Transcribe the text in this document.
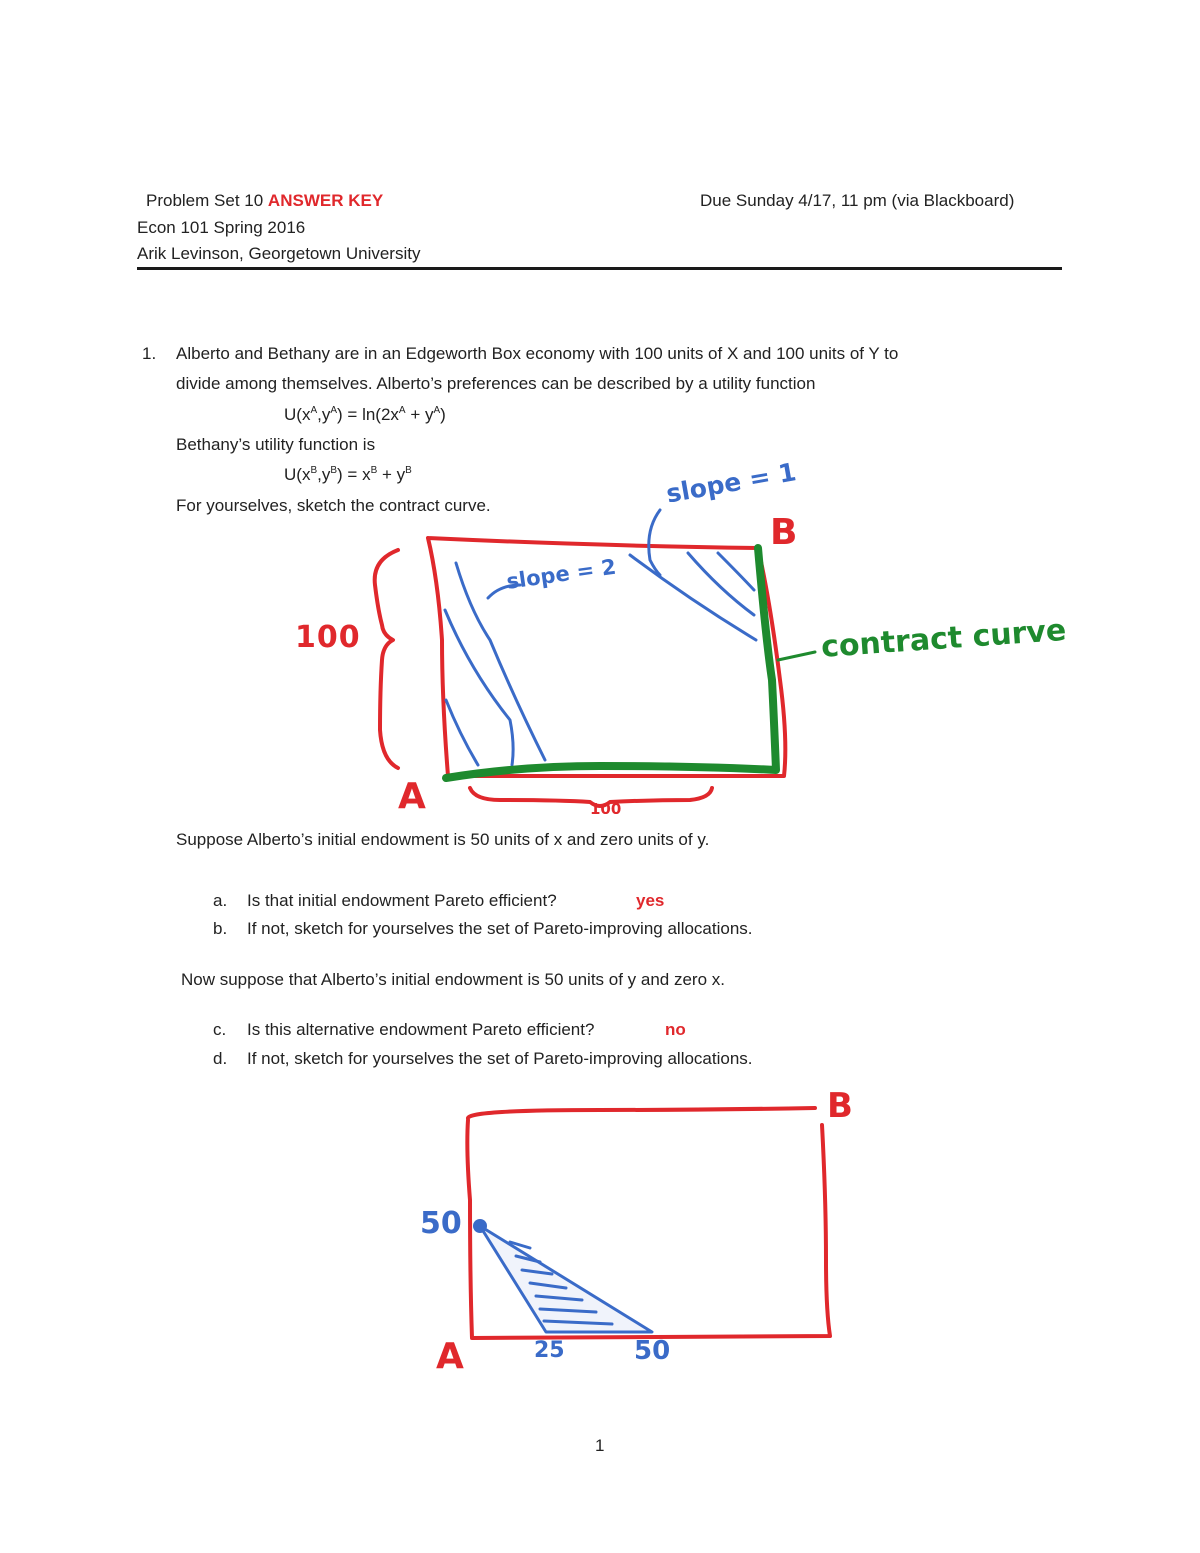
Problem Set 10 ANSWER KEY	Due Sunday 4/17, 11 pm (via Blackboard)
Econ 101 Spring 2016
Arik Levinson, Georgetown University
1. Alberto and Bethany are in an Edgeworth Box economy with 100 units of X and 100 units of Y to
divide among themselves. Alberto’s preferences can be described by a utility function
$U(x^A,y^A) = \ln(2x^A + y^A)$
Bethany’s utility function is
$U(x^B,y^B) = x^B + y^B$
For yourselves, sketch the contract curve.
100
A
B
100
slope = 2
slope = 1
contract curve
Suppose Alberto’s initial endowment is 50 units of x and zero units of y.
a. Is that initial endowment Pareto efficient?	yes
b. If not, sketch for yourselves the set of Pareto-improving allocations.
Now suppose that Alberto’s initial endowment is 50 units of y and zero x.
c. Is this alternative endowment Pareto efficient?	no
d. If not, sketch for yourselves the set of Pareto-improving allocations.
B
A
50
25	50
1
